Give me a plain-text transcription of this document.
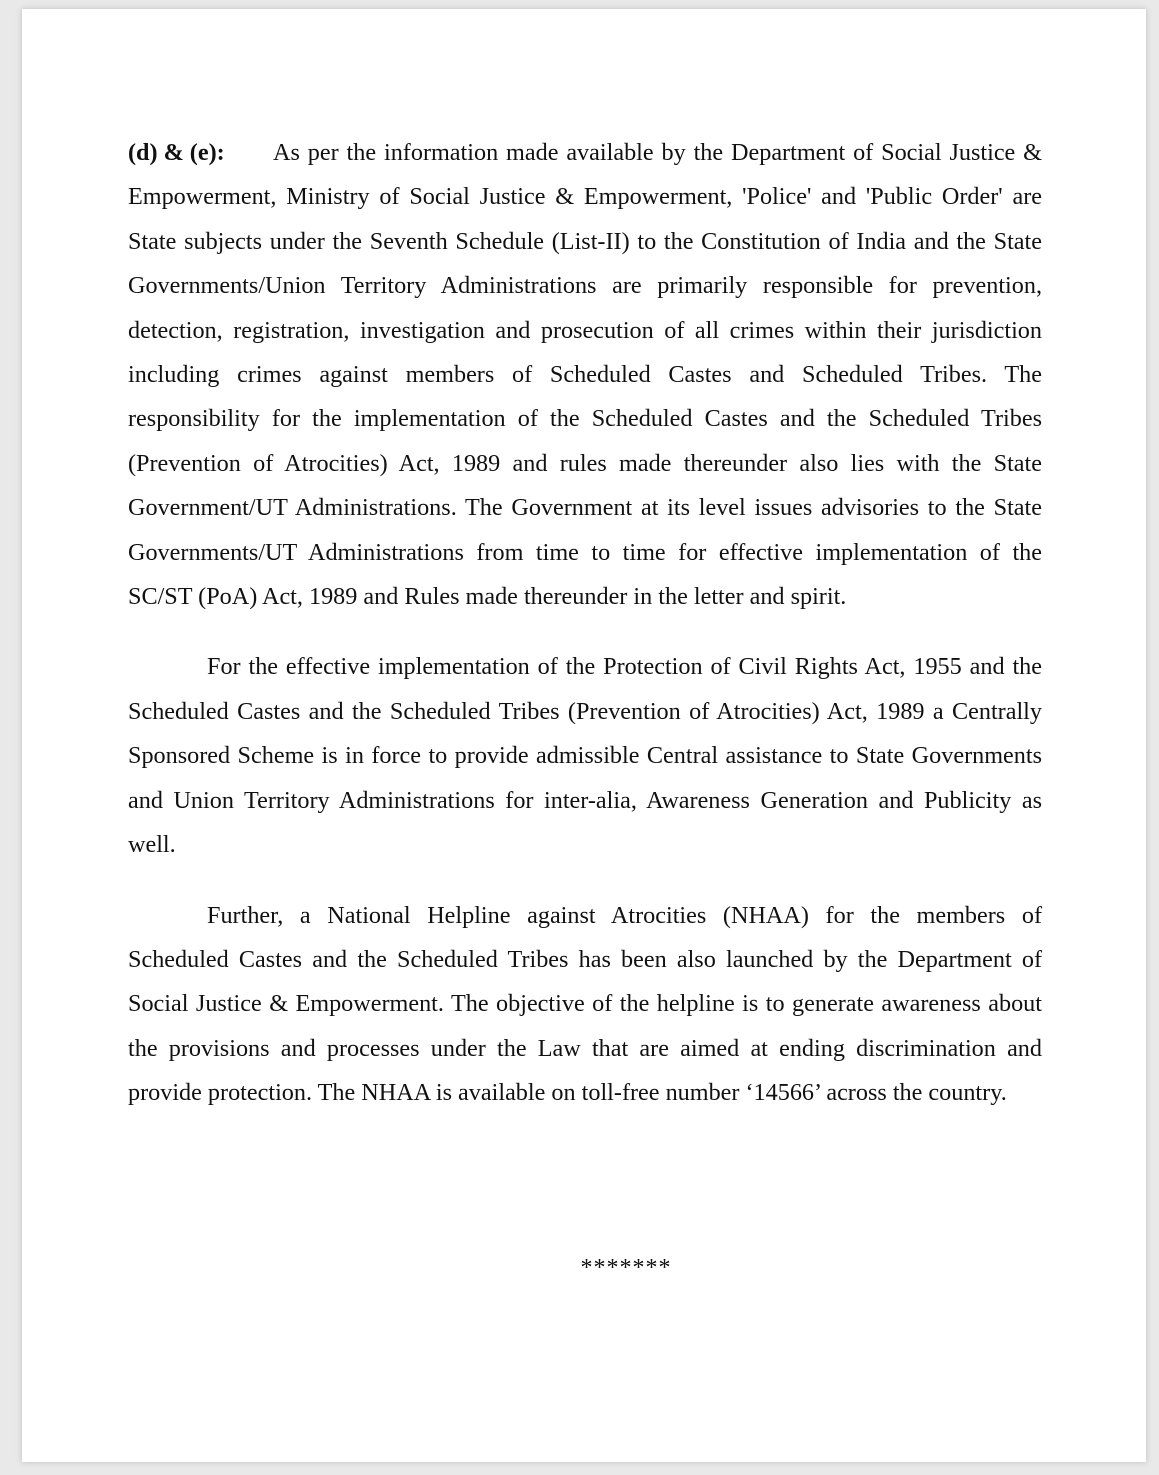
(d) & (e): As per the information made available by the Department of Social Justice & Empowerment, Ministry of Social Justice & Empowerment, 'Police' and 'Public Order' are State subjects under the Seventh Schedule (List-II) to the Constitution of India and the State Governments/Union Territory Administrations are primarily responsible for prevention, detection, registration, investigation and prosecution of all crimes within their jurisdiction including crimes against members of Scheduled Castes and Scheduled Tribes. The responsibility for the implementation of the Scheduled Castes and the Scheduled Tribes (Prevention of Atrocities) Act, 1989 and rules made thereunder also lies with the State Government/UT Administrations. The Government at its level issues advisories to the State Governments/UT Administrations from time to time for effective implementation of the SC/ST (PoA) Act, 1989 and Rules made thereunder in the letter and spirit.

For the effective implementation of the Protection of Civil Rights Act, 1955 and the Scheduled Castes and the Scheduled Tribes (Prevention of Atrocities) Act, 1989 a Centrally Sponsored Scheme is in force to provide admissible Central assistance to State Governments and Union Territory Administrations for inter-alia, Awareness Generation and Publicity as well.

Further, a National Helpline against Atrocities (NHAA) for the members of Scheduled Castes and the Scheduled Tribes has been also launched by the Department of Social Justice & Empowerment. The objective of the helpline is to generate awareness about the provisions and processes under the Law that are aimed at ending discrimination and provide protection. The NHAA is available on toll-free number ‘14566’ across the country.

*******
